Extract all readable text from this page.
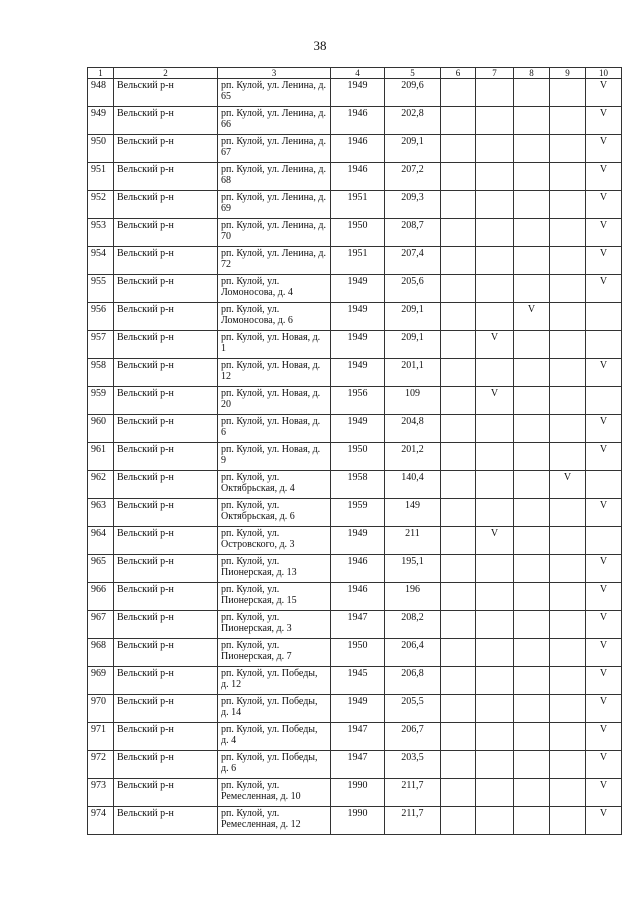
38
1	2	3	4	5	6	7	8	9	10
948	Вельский р-н	рп. Кулой, ул. Ленина, д. 65	1949	209,6					V
949	Вельский р-н	рп. Кулой, ул. Ленина, д. 66	1946	202,8					V
950	Вельский р-н	рп. Кулой, ул. Ленина, д. 67	1946	209,1					V
951	Вельский р-н	рп. Кулой, ул. Ленина, д. 68	1946	207,2					V
952	Вельский р-н	рп. Кулой, ул. Ленина, д. 69	1951	209,3					V
953	Вельский р-н	рп. Кулой, ул. Ленина, д. 70	1950	208,7					V
954	Вельский р-н	рп. Кулой, ул. Ленина, д. 72	1951	207,4					V
955	Вельский р-н	рп. Кулой, ул. Ломоносова, д. 4	1949	205,6					V
956	Вельский р-н	рп. Кулой, ул. Ломоносова, д. 6	1949	209,1			V		
957	Вельский р-н	рп. Кулой, ул. Новая, д. 1	1949	209,1		V			
958	Вельский р-н	рп. Кулой, ул. Новая, д. 12	1949	201,1					V
959	Вельский р-н	рп. Кулой, ул. Новая, д. 20	1956	109		V			
960	Вельский р-н	рп. Кулой, ул. Новая, д. 6	1949	204,8					V
961	Вельский р-н	рп. Кулой, ул. Новая, д. 9	1950	201,2					V
962	Вельский р-н	рп. Кулой, ул. Октябрьская, д. 4	1958	140,4				V	
963	Вельский р-н	рп. Кулой, ул. Октябрьская, д. 6	1959	149					V
964	Вельский р-н	рп. Кулой, ул. Островского, д. 3	1949	211		V			
965	Вельский р-н	рп. Кулой, ул. Пионерская, д. 13	1946	195,1					V
966	Вельский р-н	рп. Кулой, ул. Пионерская, д. 15	1946	196					V
967	Вельский р-н	рп. Кулой, ул. Пионерская, д. 3	1947	208,2					V
968	Вельский р-н	рп. Кулой, ул. Пионерская, д. 7	1950	206,4					V
969	Вельский р-н	рп. Кулой, ул. Победы, д. 12	1945	206,8					V
970	Вельский р-н	рп. Кулой, ул. Победы, д. 14	1949	205,5					V
971	Вельский р-н	рп. Кулой, ул. Победы, д. 4	1947	206,7					V
972	Вельский р-н	рп. Кулой, ул. Победы, д. 6	1947	203,5					V
973	Вельский р-н	рп. Кулой, ул. Ремесленная, д. 10	1990	211,7					V
974	Вельский р-н	рп. Кулой, ул. Ремесленная, д. 12	1990	211,7					V
